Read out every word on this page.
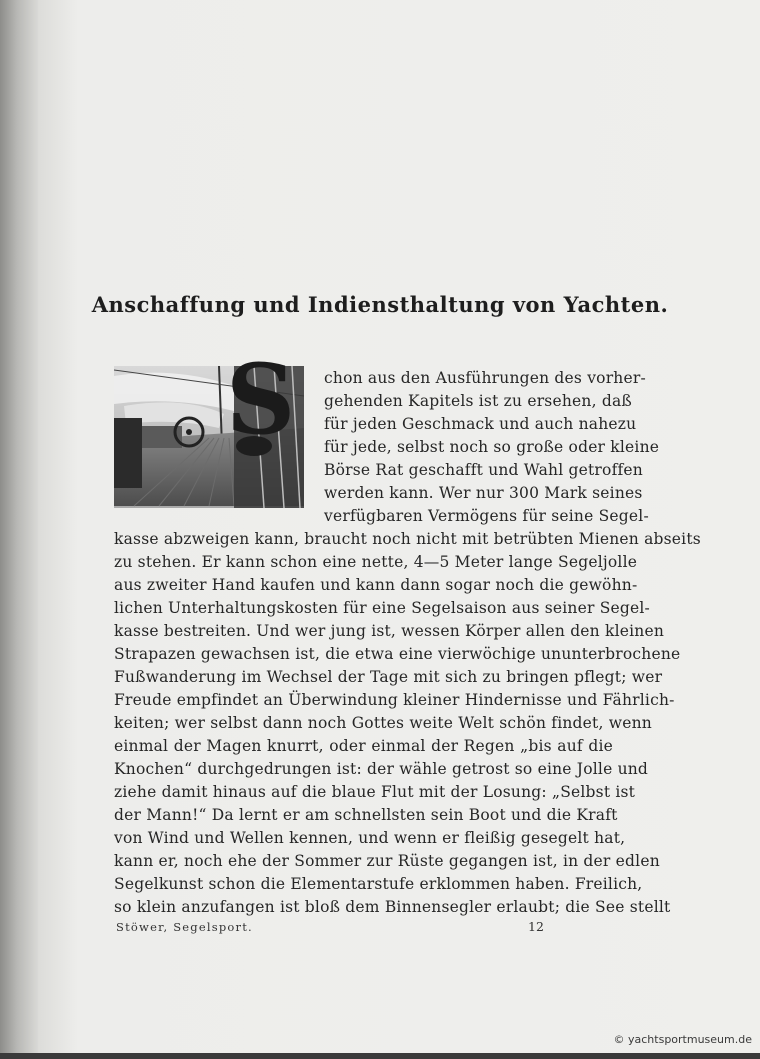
Anschaffung und Indiensthaltung von Yachten.
S chon aus den Ausführungen des vorher-

gehenden Kapitels ist zu ersehen, daß

für jeden Geschmack und auch nahezu

für jede, selbst noch so große oder kleine

Börse Rat geschafft und Wahl getroffen

werden kann. Wer nur 300 Mark seines

verfügbaren Vermögens für seine Segel-

kasse abzweigen kann, braucht noch nicht mit betrübten Mienen abseits

zu stehen. Er kann schon eine nette, 4—5 Meter lange Segeljolle

aus zweiter Hand kaufen und kann dann sogar noch die gewöhn-

lichen Unterhaltungskosten für eine Segelsaison aus seiner Segel-

kasse bestreiten. Und wer jung ist, wessen Körper allen den kleinen

Strapazen gewachsen ist, die etwa eine vierwöchige ununterbrochene

Fußwanderung im Wechsel der Tage mit sich zu bringen pflegt; wer

Freude empfindet an Überwindung kleiner Hindernisse und Fährlich-

keiten; wer selbst dann noch Gottes weite Welt schön findet, wenn

einmal der Magen knurrt, oder einmal der Regen „bis auf die

Knochen“ durchgedrungen ist: der wähle getrost so eine Jolle und

ziehe damit hinaus auf die blaue Flut mit der Losung: „Selbst ist

der Mann!“ Da lernt er am schnellsten sein Boot und die Kraft

von Wind und Wellen kennen, und wenn er fleißig gesegelt hat,

kann er, noch ehe der Sommer zur Rüste gegangen ist, in der edlen

Segelkunst schon die Elementarstufe erklommen haben. Freilich,

so klein anzufangen ist bloß dem Binnensegler erlaubt; die See stellt

Stöwer, Segelsport.	12

© yachtsportmuseum.de
